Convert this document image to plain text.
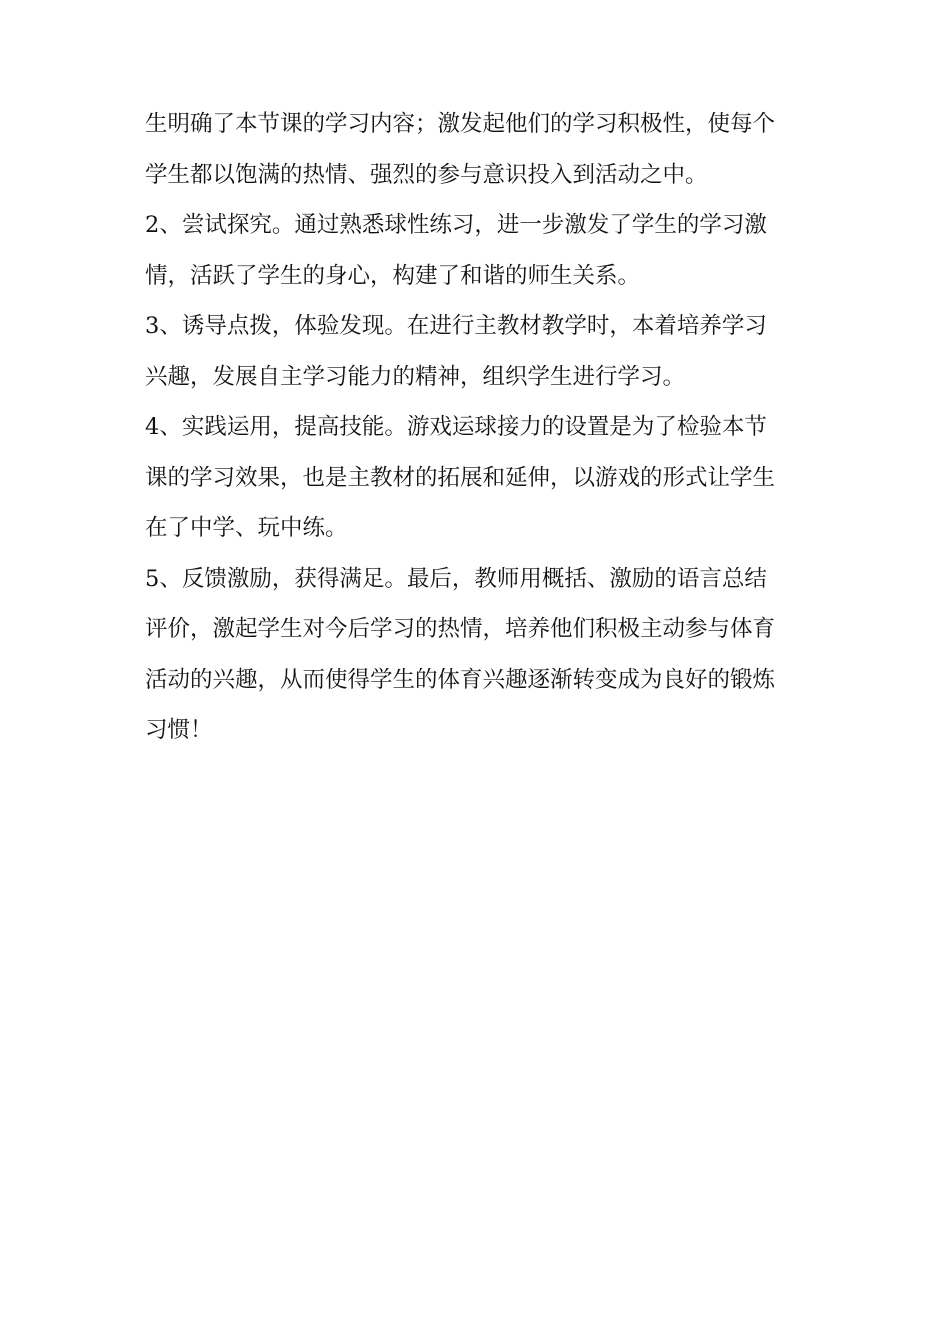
生明确了本节课的学习内容；激发起他们的学习积极性，使每个
学生都以饱满的热情、强烈的参与意识投入到活动之中。
2、尝试探究。通过熟悉球性练习，进一步激发了学生的学习激
情，活跃了学生的身心，构建了和谐的师生关系。
3、诱导点拨，体验发现。在进行主教材教学时，本着培养学习
兴趣，发展自主学习能力的精神，组织学生进行学习。
4、实践运用，提高技能。游戏运球接力的设置是为了检验本节
课的学习效果，也是主教材的拓展和延伸，以游戏的形式让学生
在了中学、玩中练。
5、反馈激励，获得满足。最后，教师用概括、激励的语言总结
评价，激起学生对今后学习的热情，培养他们积极主动参与体育
活动的兴趣，从而使得学生的体育兴趣逐渐转变成为良好的锻炼
习惯！
